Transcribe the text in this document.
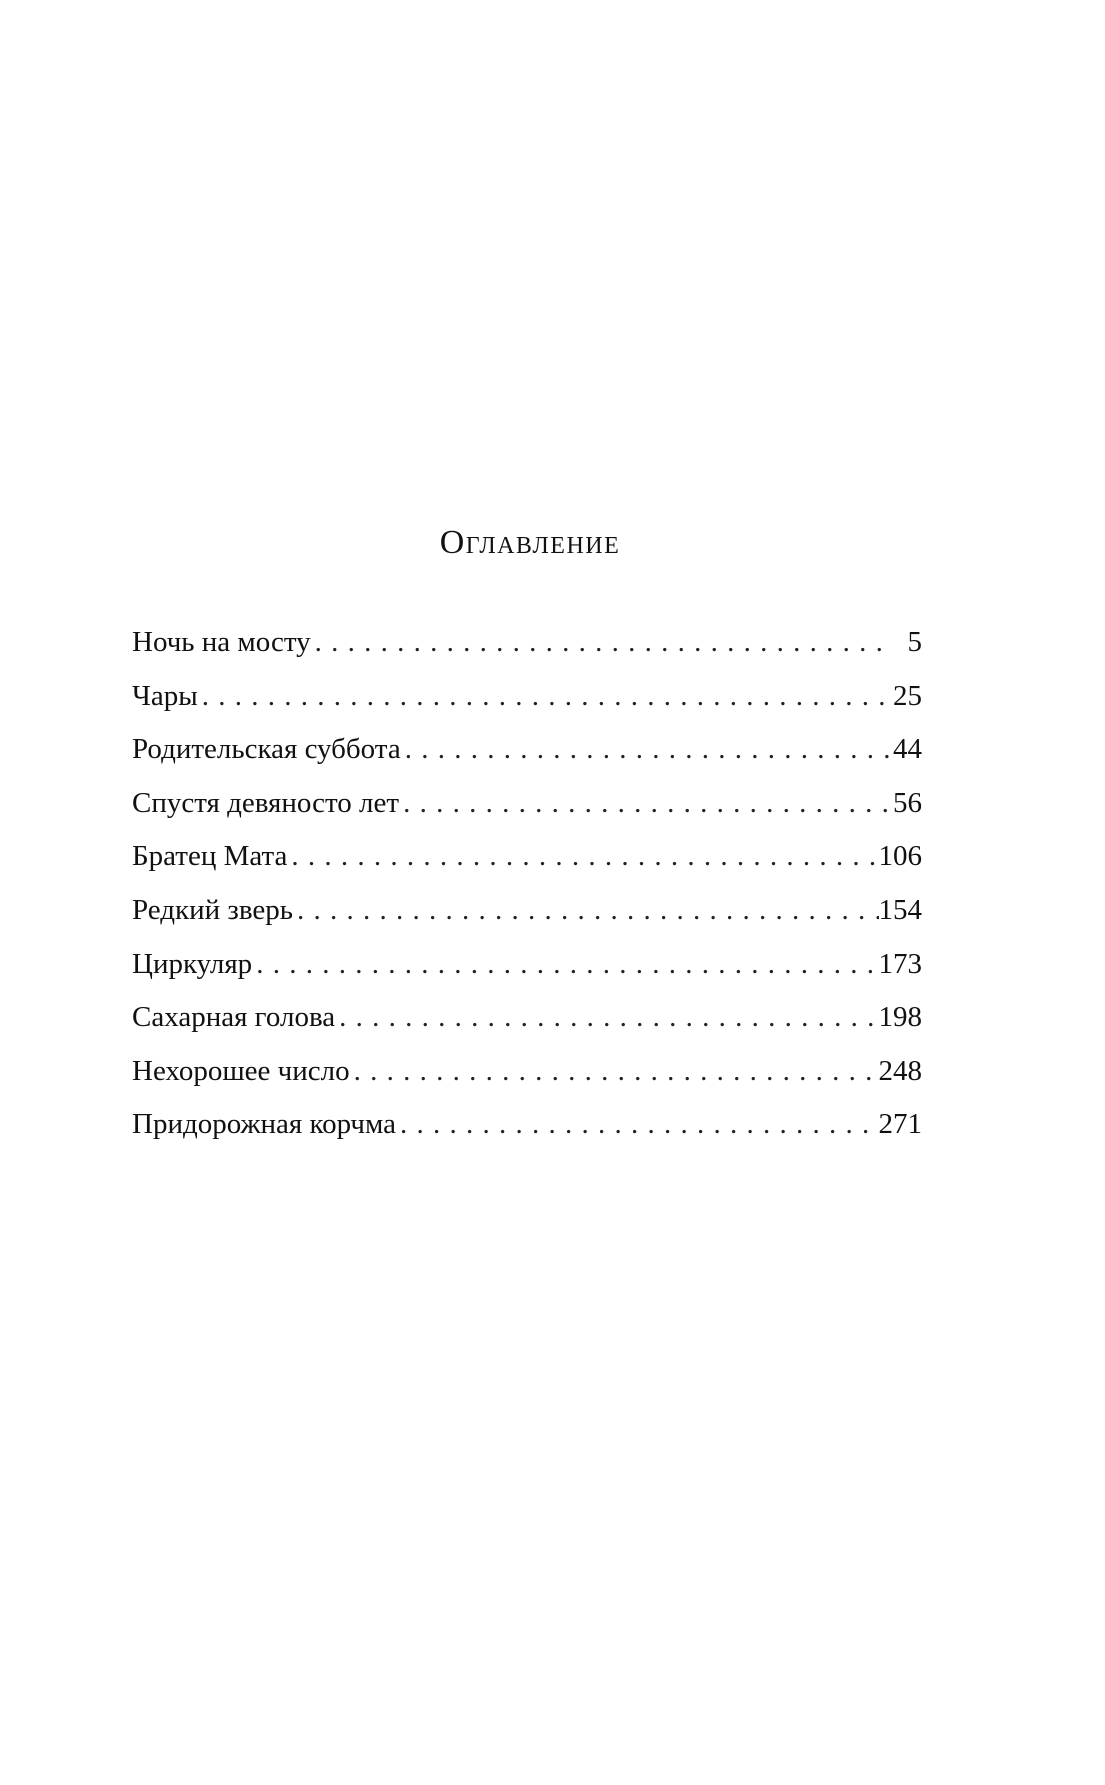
Оглавление
Ночь на мосту . . .	5
Чары . . .	25
Родительская суббота . . .	44
Спустя девяносто лет . . .	56
Братец Мата . . .	106
Редкий зверь . . .	154
Циркуляр . . .	173
Сахарная голова . . .	198
Нехорошее число . . .	248
Придорожная корчма . . .	271
